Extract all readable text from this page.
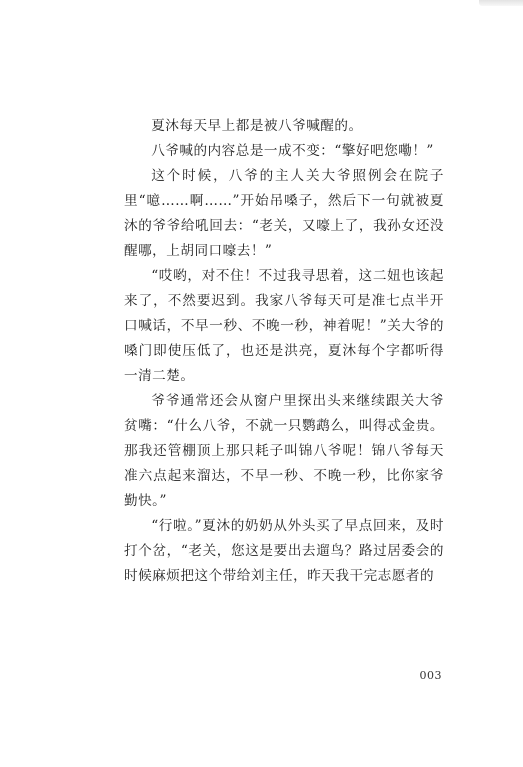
夏沐每天早上都是被八爷喊醒的。

八爷喊的内容总是一成不变：“擎好吧您嘞！”

这个时候，八爷的主人关大爷照例会在院子里“噫……啊……”开始吊嗓子，然后下一句就被夏沐的爷爷给吼回去：“老关，又嚎上了，我孙女还没醒哪，上胡同口嚎去！”

“哎哟，对不住！不过我寻思着，这二妞也该起来了，不然要迟到。我家八爷每天可是准七点半开口喊话，不早一秒、不晚一秒，神着呢！”关大爷的嗓门即使压低了，也还是洪亮，夏沐每个字都听得一清二楚。

爷爷通常还会从窗户里探出头来继续跟关大爷贫嘴：“什么八爷，不就一只鹦鹉么，叫得忒金贵。那我还管棚顶上那只耗子叫锦八爷呢！锦八爷每天准六点起来溜达，不早一秒、不晚一秒，比你家爷勤快。”

“行啦。”夏沐的奶奶从外头买了早点回来，及时打个岔，“老关，您这是要出去遛鸟？路过居委会的时候麻烦把这个带给刘主任，昨天我干完志愿者的

003
